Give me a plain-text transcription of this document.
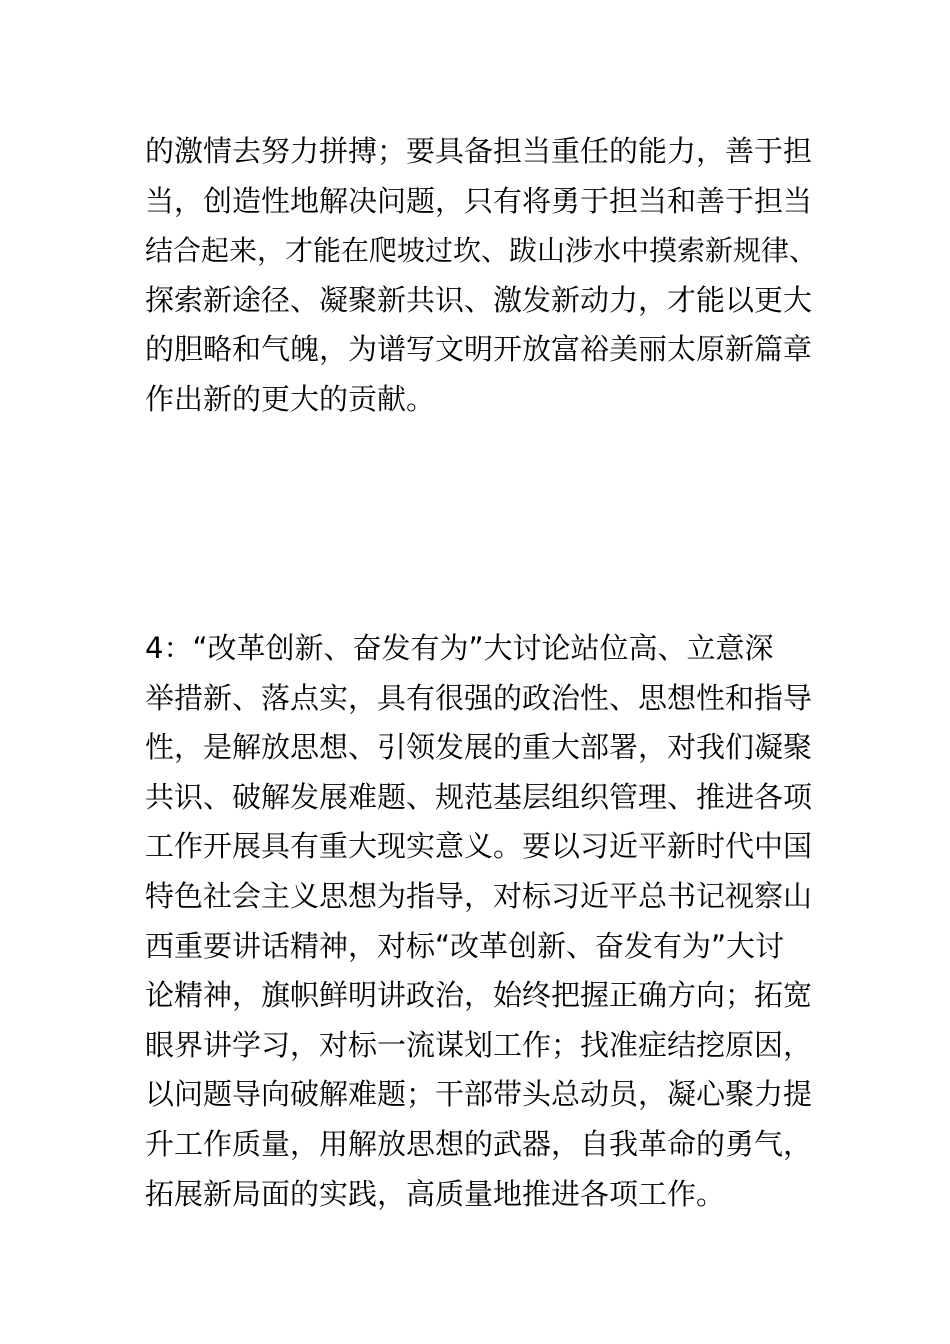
的激情去努力拼搏；要具备担当重任的能力，善于担
当，创造性地解决问题，只有将勇于担当和善于担当
结合起来，才能在爬坡过坎、跋山涉水中摸索新规律、
探索新途径、凝聚新共识、激发新动力，才能以更大
的胆略和气魄，为谱写文明开放富裕美丽太原新篇章
作出新的更大的贡献。
4：“改革创新、奋发有为”大讨论站位高、立意深
举措新、落点实，具有很强的政治性、思想性和指导
性，是解放思想、引领发展的重大部署，对我们凝聚
共识、破解发展难题、规范基层组织管理、推进各项
工作开展具有重大现实意义。要以习近平新时代中国
特色社会主义思想为指导，对标习近平总书记视察山
西重要讲话精神，对标“改革创新、奋发有为”大讨
论精神，旗帜鲜明讲政治，始终把握正确方向；拓宽
眼界讲学习，对标一流谋划工作；找准症结挖原因，
以问题导向破解难题；干部带头总动员，凝心聚力提
升工作质量，用解放思想的武器，自我革命的勇气，
拓展新局面的实践，高质量地推进各项工作。
